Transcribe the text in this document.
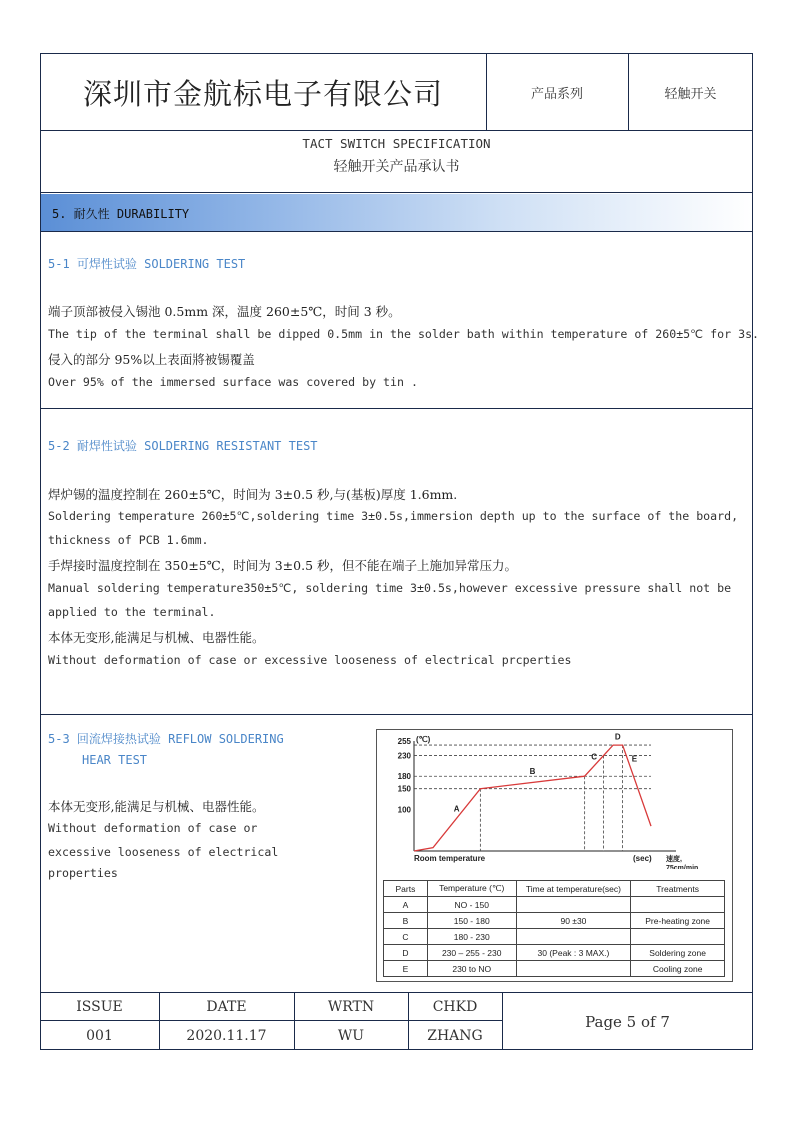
深圳市金航标电子有限公司	产品系列	轻触开关
TACT SWITCH SPECIFICATION
轻触开关产品承认书
5. 耐久性 DURABILITY
5-1 可焊性试验 SOLDERING TEST
端子顶部被侵入锡池 0.5mm 深，温度 260±5℃，时间 3 秒。
The tip of the terminal shall be dipped 0.5mm in the solder bath within temperature of 260±5℃ for 3s.
侵入的部分 95%以上表面將被锡覆盖
Over 95% of the immersed surface was covered by tin .
5-2 耐焊性试验 SOLDERING RESISTANT TEST
焊炉锡的温度控制在 260±5℃，时间为 3±0.5 秒,与(基板)厚度 1.6mm.
Soldering temperature 260±5℃,soldering time 3±0.5s,immersion depth up to the surface of the board,
thickness of PCB 1.6mm.
手焊接时温度控制在 350±5℃，时间为 3±0.5 秒，但不能在端子上施加异常压力。
Manual soldering temperature350±5℃, soldering time 3±0.5s,however excessive pressure shall not be
applied to the terminal.
本体无变形,能满足与机械、电器性能。
Without deformation of case or excessive looseness of electrical prcperties
5-3 回流焊接热试验 REFLOW SOLDERING
HEAR TEST
本体无变形,能满足与机械、电器性能。
Without deformation of case or
excessive looseness of electrical
properties
(℃)
(sec)
Room temperature	速度,
75cm/min
255
230
180
150
100	A
B
C
D
E
Parts	Temperature (℃)	Time at temperature(sec)	Treatments
A	NO - 150		
B	150 - 180	90 ±30	Pre-heating zone
C	180 - 230		
D	230 – 255 - 230	30 (Peak : 3 MAX.)	Soldering zone
E	230 to NO		Cooling zone
ISSUE	DATE	WRTN	CHKD
001	2020.11.17	WU	ZHANG
Page 5 of 7
